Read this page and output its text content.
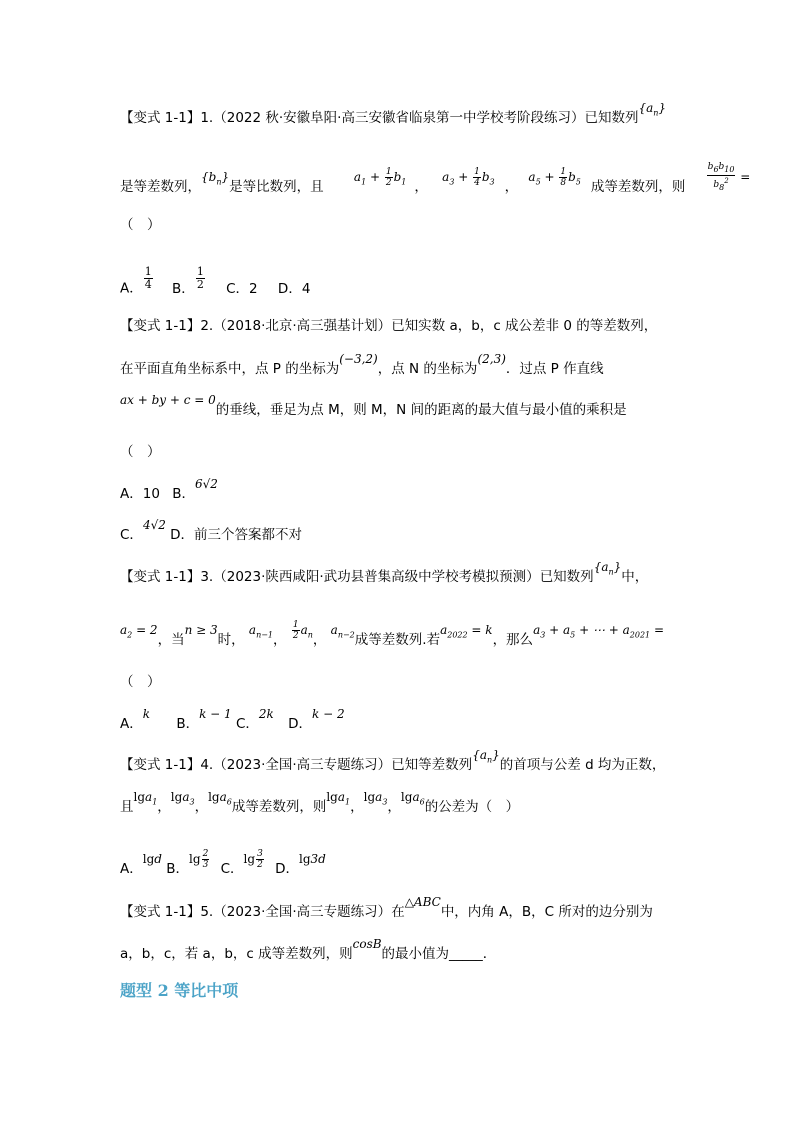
【变式 1-1】1.（2022 秋·安徽阜阳·高三安徽省临泉第一中学校考阶段练习）已知数列$\{a_n\}$
是等差数列，$\{b_n\}$是等比数列，且 $a_1 + \frac{1}{2} b_1$ ， $a_3 + \frac{1}{4} b_3$ ， $a_5 + \frac{1}{8} b_5$ 成等差数列，则 $\frac{b_6b_{10}}{b_8^2}$ =
（　）
A． $\frac{1}{4}$ B． $\frac{1}{2}$ C．2 D．4
【变式 1-1】2.（2018·北京·高三强基计划）已知实数 a，b，c 成公差非 0 的等差数列，
在平面直角坐标系中，点 P 的坐标为(−3,2)，点 N 的坐标为(2,3)．过点 P 作直线
ax + by + c = 0的垂线，垂足为点 M，则 M，N 间的距离的最大值与最小值的乘积是
（　）
A．10 B．6√2
C．4√2 D．前三个答案都不对
【变式 1-1】3.（2023·陕西咸阳·武功县普集高级中学校考模拟预测）已知数列$\{a_n\}$中，
$a_2 = 2$，当n ≥ 3时， $a_{n-1}$， $\frac{1}{2} a_n$， $a_{n-2}$成等差数列.若$a_{2022} = k$，那么$a_3 + a_5$ + ⋯ + $a_{2021}$ =
（　）
A．k B．k − 1 C．2k D．k − 2
【变式 1-1】4.（2023·全国·高三专题练习）已知等差数列$\{a_n\}$的首项与公差 d 均为正数，
且lga$_1$，lga$_3$，lga$_6$成等差数列，则lga$_1$，lga$_3$，lga$_6$的公差为（　）
A．lgd B．$\lg \frac{2}{3}$ C．$\lg \frac{3}{2}$ D．lg3d
【变式 1-1】5.（2023·全国·高三专题练习）在△ABC中，内角 A，B，C 所对的边分别为
a，b，c，若 a，b，c 成等差数列，则cosB的最小值为_____．
题型 2 等比中项
